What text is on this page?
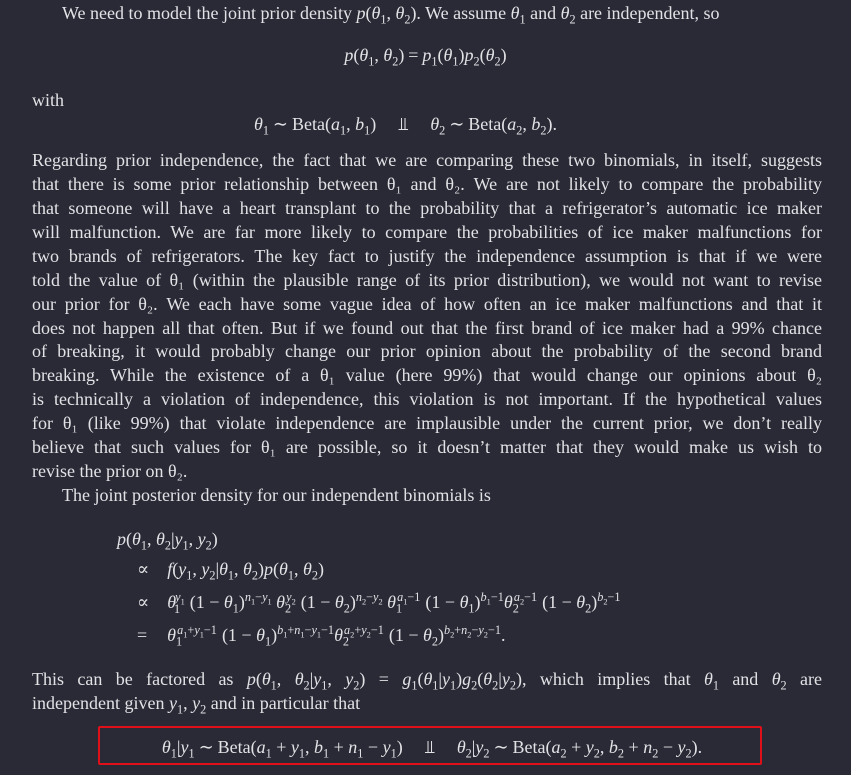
We need to model the joint prior density $p(\theta_1$, $\theta_2$). We assume $\theta_1$ and $\theta_2$ are independent, so
$p(\theta_1$, $\theta_2) = p_1(\theta_1)p_2(\theta_2)$
with
$\theta_1$ ∼ $Beta(a_1$, $b_1$) ⫫ $\theta_2$ ∼ $Beta(a_2$, $b_2$).
Regarding prior independence, the fact that we are comparing these two binomials, in itself, suggests
that there is some prior relationship between θ₁ and θ₂. We are not likely to compare the probability
that someone will have a heart transplant to the probability that a refrigerator’s automatic ice maker
will malfunction. We are far more likely to compare the probabilities of ice maker malfunctions for
two brands of refrigerators. The key fact to justify the independence assumption is that if we were
told the value of θ₁ (within the plausible range of its prior distribution), we would not want to revise
our prior for θ₂. We each have some vague idea of how often an ice maker malfunctions and that it
does not happen all that often. But if we found out that the first brand of ice maker had a 99% chance
of breaking, it would probably change our prior opinion about the probability of the second brand
breaking. While the existence of a θ₁ value (here 99%) that would change our opinions about θ₂
is technically a violation of independence, this violation is not important. If the hypothetical values
for θ₁ (like 99%) that violate independence are implausible under the current prior, we don’t really
believe that such values for θ₁ are possible, so it doesn’t matter that they would make us wish to
revise the prior on θ₂.
The joint posterior density for our independent binomials is
$p(\theta_1$, $\theta_2|y_1$, $y_2$)
∝ $f(y_1$, $y_2|\theta_1$, $\theta_2)p(\theta_1$, $\theta_2$)
∝ $\theta_1^{y_1}$ $(1 - \theta_1)^{n_1-y_1}$ $\theta_2^{y_2}$ $(1 - \theta_2)^{n_2-y_2}$ $\theta_1^{a_1-1}$ $(1 - \theta_1)^{b_1-1}\theta_2^{a_2-1}$ $(1 - \theta_2)^{b_2-1}$
= $\theta_1^{a_1+y_1-1}$ $(1 - \theta_1)^{b_1+n_1-y_1-1}\theta_2^{a_2+y_2-1}$ $(1 - \theta_2)^{b_2+n_2-y_2-1}$.
This can be factored as $p(\theta_1$, $\theta_2|y_1$, $y_2) = g_1(\theta_1|y_1)g_2(\theta_2|y_2)$, which implies that $\theta_1$ and $\theta_2$ are
independent given $y_1$, $y_2$ and in particular that
$\theta_1|y_1$ ∼ $Beta(a_1 + y_1$, $b_1 + n_1 - y_1$) ⫫ $\theta_2|y_2$ ∼ $Beta(a_2 + y_2$, $b_2 + n_2 - y_2$).
